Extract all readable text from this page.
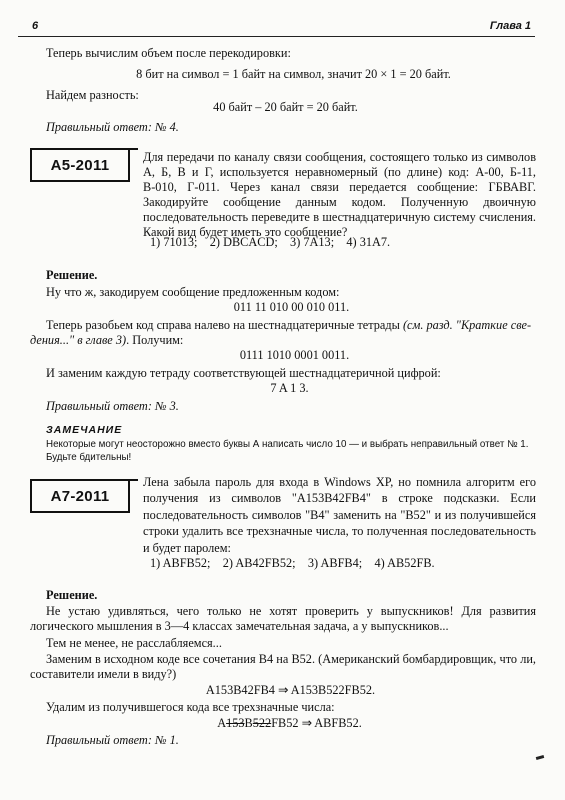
6	Глава 1
Теперь вычислим объем после перекодировки:
8 бит на символ = 1 байт на символ, значит 20 × 1 = 20 байт.
Найдем разность:
40 байт – 20 байт = 20 байт.
Правильный ответ: № 4.
А5-2011	Для передачи по каналу связи сообщения, состоящего только из символов А, Б, В и Г, используется неравномерный (по длине) код: А-00, Б-11, В-010, Г-011. Через канал связи передается сообщение: ГБВАВГ. Закодируйте сообщение данным кодом. Полученную двоичную последовательность переведите в шестнадцатеричную систему счисления. Какой вид будет иметь это сообщение?
1) 71013;    2) DBCACD;    3) 7A13;    4) 31A7.
Решение.
Ну что ж, закодируем сообщение предложенным кодом:
011 11 010 00 010 011.
Теперь разобьем код справа налево на шестнадцатеричные тетрады (см. разд. "Краткие све-
дения..." в главе 3). Получим:
0111 1010 0001 0011.
И заменим каждую тетраду соответствующей шестнадцатеричной цифрой:
7 A 1 3.
Правильный ответ: № 3.
ЗАМЕЧАНИЕ
Некоторые могут неосторожно вместо буквы А написать число 10 — и выбрать неправильный ответ № 1. Будьте бдительны!
А7-2011
Лена забыла пароль для входа в Windows XP, но помнила алгоритм его получения из символов "A153B42FB4" в строке подсказки. Если последовательность символов "B4" заменить на "B52" и из получившейся строки удалить все трехзначные числа, то полученная последовательность и будет паролем:
1) ABFB52;    2) AB42FB52;    3) ABFB4;    4) AB52FB.
Решение.
Не устаю удивляться, чего только не хотят проверить у выпускников! Для развития логического мышления в 3—4 классах замечательная задача, а у выпускников...
Тем не менее, не расслабляемся...
Заменим в исходном коде все сочетания B4 на B52. (Американский бомбардировщик, что ли, составители имели в виду?)
A153B42FB4 ⇒ A153B522FB52.
Удалим из получившегося кода все трехзначные числа:
A153B522FB52 ⇒ ABFB52.
Правильный ответ: № 1.
